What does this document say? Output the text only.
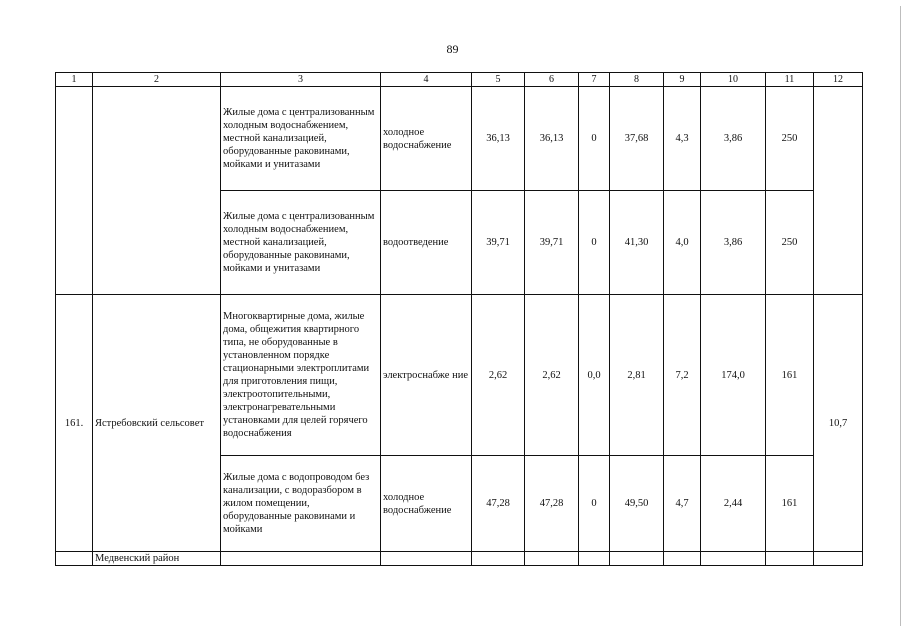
89
1	2	3	4	5	6	7	8	9	10	11	12
		Жилые дома с централизованным холодным водоснабжением, местной канализацией, оборудованные раковинами, мойками и унитазами	холодное водоснабжение	36,13	36,13	0	37,68	4,3	3,86	250	
		Жилые дома с централизованным холодным водоснабжением, местной канализацией, оборудованные раковинами, мойками и унитазами	водоотведение	39,71	39,71	0	41,30	4,0	3,86	250	
161.	Ястребовский сельсовет	Многоквартирные дома, жилые дома, общежития квартирного типа, не оборудованные в установленном порядке стационарными электроплитами для приготовления пищи, электроотопительными, электронагревательными установками для целей горячего водоснабжения	электроснабже ние	2,62	2,62	0,0	2,81	7,2	174,0	161	10,7
		Жилые дома с водопроводом без канализации, с водоразбором в жилом помещении, оборудованные раковинами и мойками	холодное водоснабжение	47,28	47,28	0	49,50	4,7	2,44	161	
	Медвенский район										
